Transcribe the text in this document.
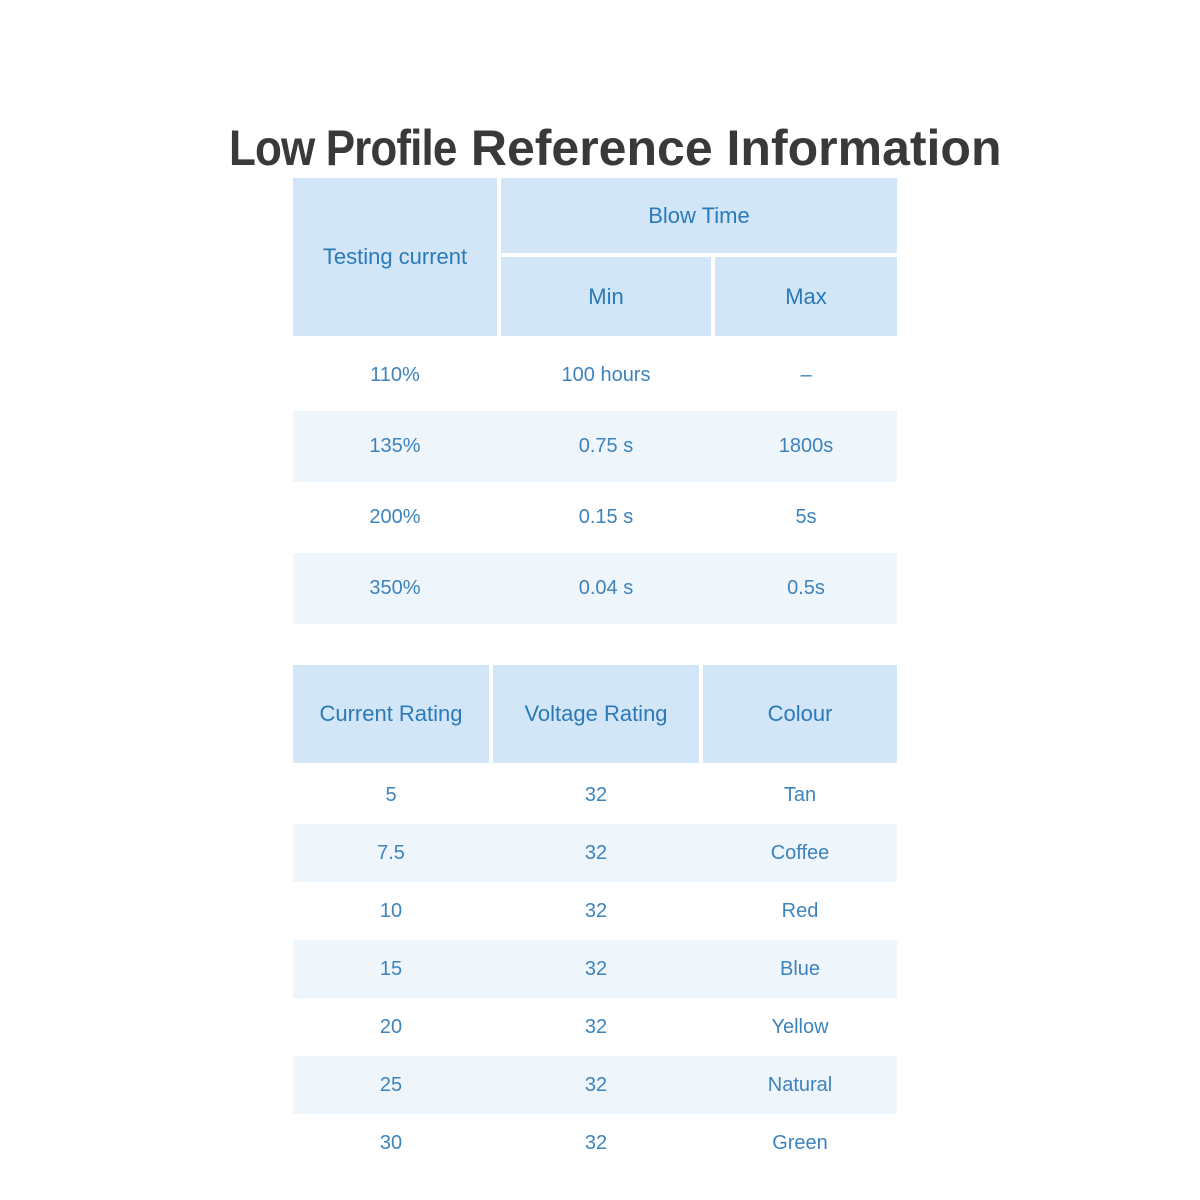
Low Profile Reference Information
Testing current
Blow Time
Min	Max
110%	100 hours	–
135%	0.75 s	1800s
200%	0.15 s	5s
350%	0.04 s	0.5s
Current Rating	Voltage Rating	Colour
5	32	Tan
7.5	32	Coffee
10	32	Red
15	32	Blue
20	32	Yellow
25	32	Natural
30	32	Green
